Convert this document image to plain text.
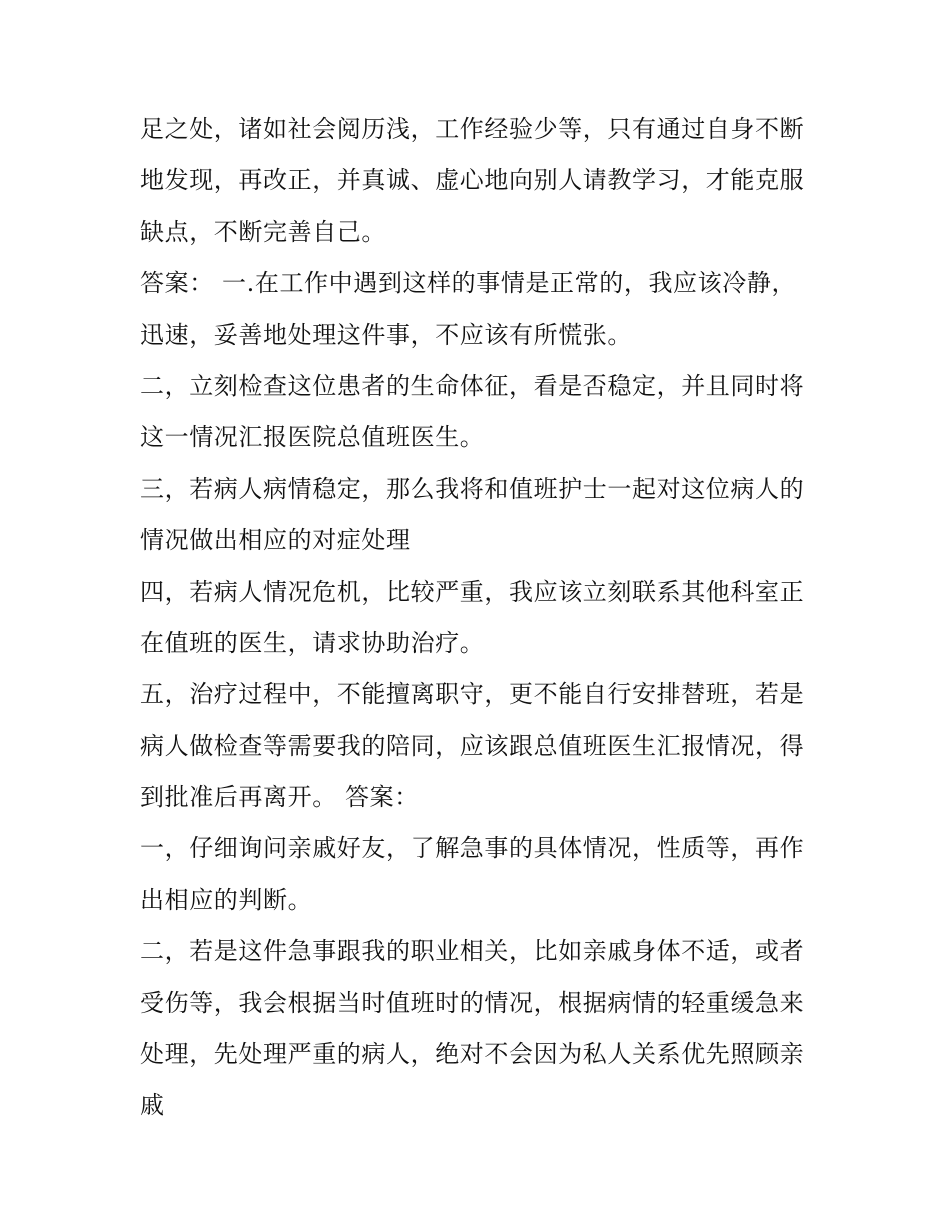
足之处，诸如社会阅历浅，工作经验少等，只有通过自身不断
地发现，再改正，并真诚、虚心地向别人请教学习，才能克服
缺点，不断完善自己。
答案： 一.在工作中遇到这样的事情是正常的，我应该冷静，
迅速，妥善地处理这件事，不应该有所慌张。
二，立刻检查这位患者的生命体征，看是否稳定，并且同时将
这一情况汇报医院总值班医生。
三，若病人病情稳定，那么我将和值班护士一起对这位病人的
情况做出相应的对症处理
四，若病人情况危机，比较严重，我应该立刻联系其他科室正
在值班的医生，请求协助治疗。
五，治疗过程中，不能擅离职守，更不能自行安排替班，若是
病人做检查等需要我的陪同，应该跟总值班医生汇报情况，得
到批准后再离开。 答案：
一，仔细询问亲戚好友，了解急事的具体情况，性质等，再作
出相应的判断。
二，若是这件急事跟我的职业相关，比如亲戚身体不适，或者
受伤等，我会根据当时值班时的情况，根据病情的轻重缓急来
处理，先处理严重的病人，绝对不会因为私人关系优先照顾亲
戚
